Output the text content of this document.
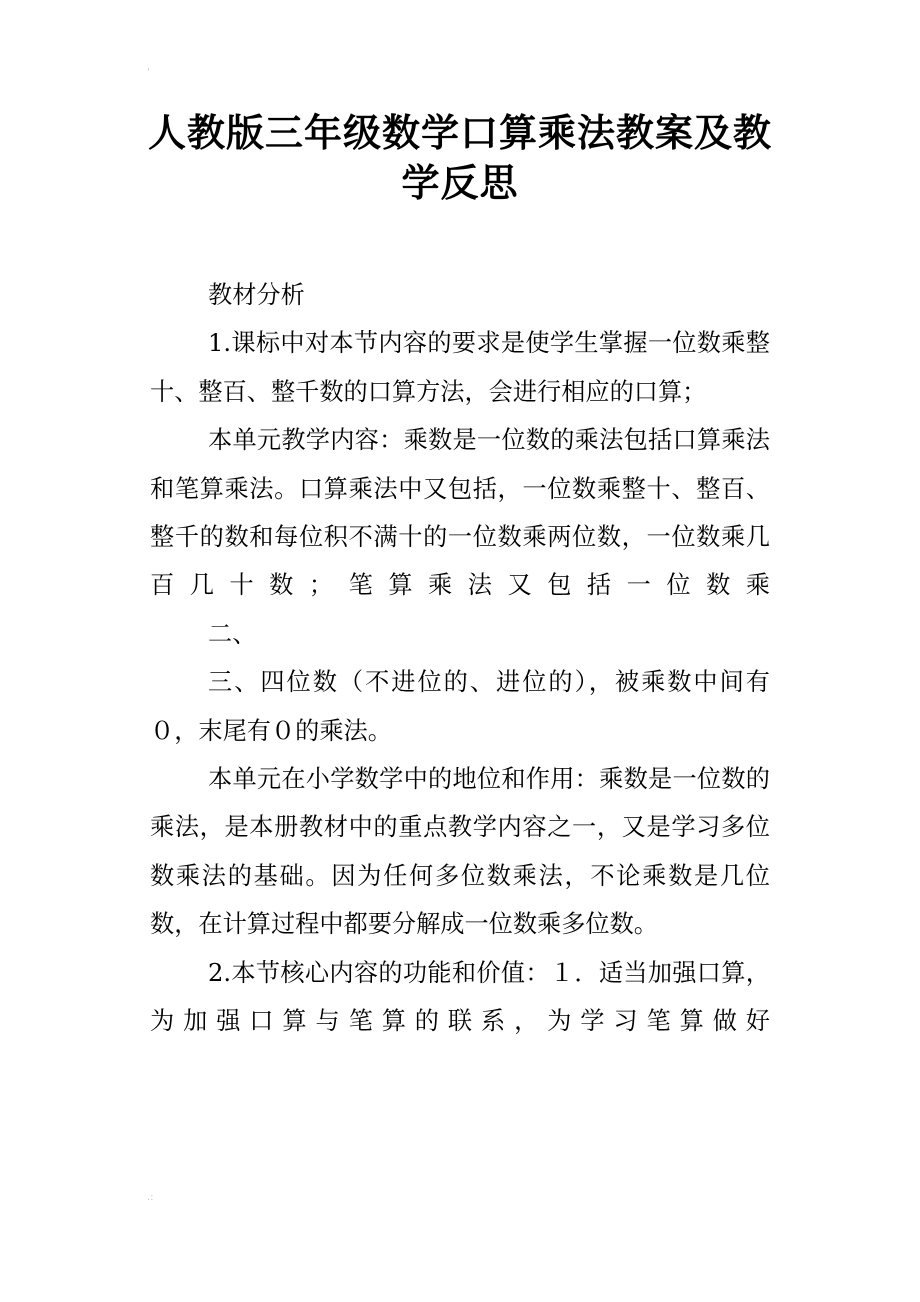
'
人教版三年级数学口算乘法教案及教学反思

教材分析

1.课标中对本节内容的要求是使学生掌握一位数乘整十、整百、整千数的口算方法，会进行相应的口算；

本单元教学内容：乘数是一位数的乘法包括口算乘法和笔算乘法。口算乘法中又包括，一位数乘整十、整百、整千的数和每位积不满十的一位数乘两位数，一位数乘几百几十数；笔算乘法又包括一位数乘

二、

三、四位数（不进位的、进位的），被乘数中间有０，末尾有０的乘法。

本单元在小学数学中的地位和作用：乘数是一位数的乘法，是本册教材中的重点教学内容之一，又是学习多位数乘法的基础。因为任何多位数乘法，不论乘数是几位数，在计算过程中都要分解成一位数乘多位数。

2.本节核心内容的功能和价值：１．适当加强口算，为加强口算与笔算的联系，为学习笔算做好

.:
